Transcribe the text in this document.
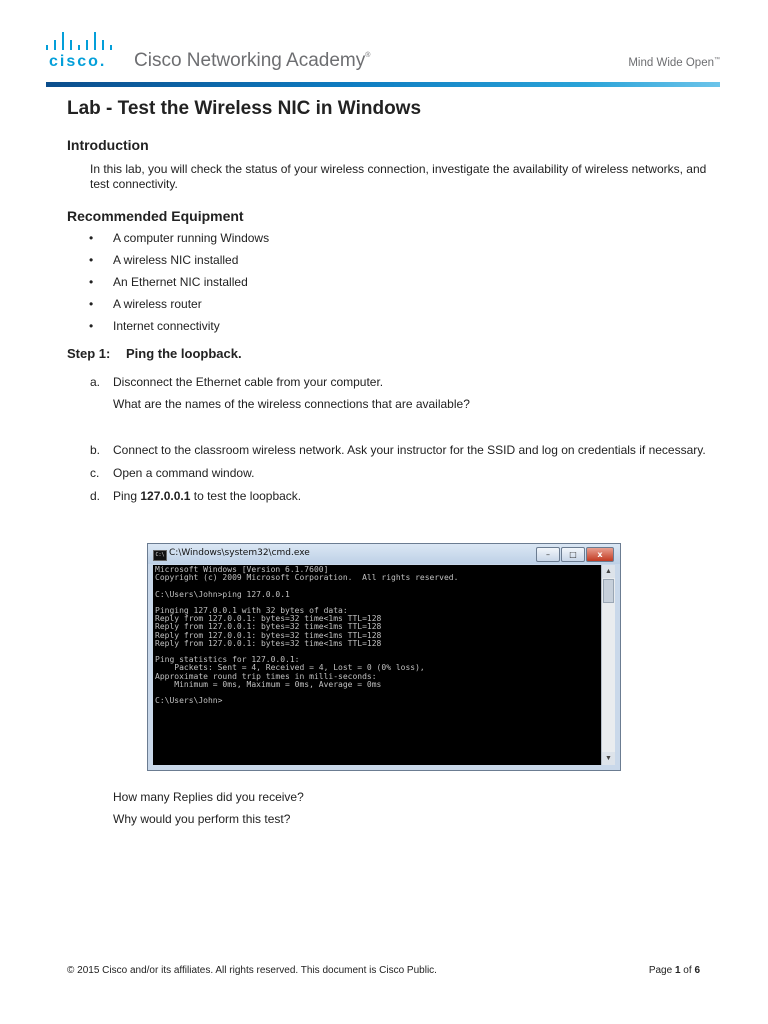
cisco. Cisco Networking Academy®
Mind Wide Open™
Lab - Test the Wireless NIC in Windows
Introduction
In this lab, you will check the status of your wireless connection, investigate the availability of wireless networks, and test connectivity.
Recommended Equipment
• A computer running Windows
• A wireless NIC installed
• An Ethernet NIC installed
• A wireless router
• Internet connectivity
Step 1: Ping the loopback.
a. Disconnect the Ethernet cable from your computer.
What are the names of the wireless connections that are available?
b. Connect to the classroom wireless network. Ask your instructor for the SSID and log on credentials if necessary.
c. Open a command window.
d. Ping 127.0.0.1 to test the loopback.
C:\ C:\Windows\system32\cmd.exe	–	□	x
Microsoft Windows [Version 6.1.7600]
Copyright (c) 2009 Microsoft Corporation.  All rights reserved.

C:\Users\John>ping 127.0.0.1

Pinging 127.0.0.1 with 32 bytes of data:
Reply from 127.0.0.1: bytes=32 time<1ms TTL=128
Reply from 127.0.0.1: bytes=32 time<1ms TTL=128
Reply from 127.0.0.1: bytes=32 time<1ms TTL=128
Reply from 127.0.0.1: bytes=32 time<1ms TTL=128

Ping statistics for 127.0.0.1:
Packets: Sent = 4, Received = 4, Lost = 0 (0% loss),
Approximate round trip times in milli-seconds:
Minimum = 0ms, Maximum = 0ms, Average = 0ms

C:\Users\John>
▲
▼
How many Replies did you receive?
Why would you perform this test?
© 2015 Cisco and/or its affiliates. All rights reserved. This document is Cisco Public.	Page 1 of 6
